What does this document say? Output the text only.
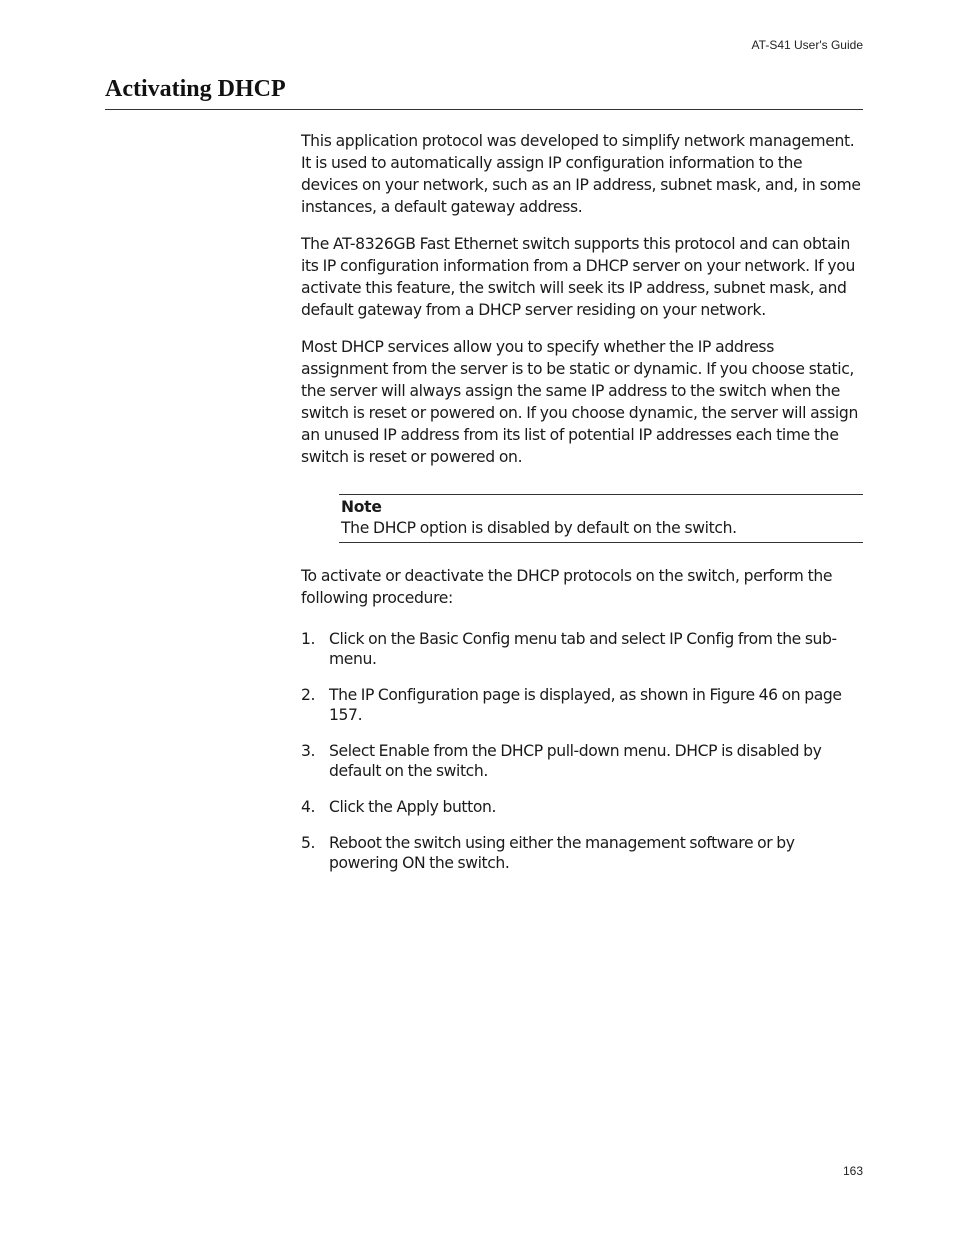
AT-S41 User's Guide
Activating DHCP

This application protocol was developed to simplify network management. It is used to automatically assign IP configuration information to the devices on your network, such as an IP address, subnet mask, and, in some instances, a default gateway address.

The AT-8326GB Fast Ethernet switch supports this protocol and can obtain its IP configuration information from a DHCP server on your network. If you activate this feature, the switch will seek its IP address, subnet mask, and default gateway from a DHCP server residing on your network.

Most DHCP services allow you to specify whether the IP address assignment from the server is to be static or dynamic. If you choose static, the server will always assign the same IP address to the switch when the switch is reset or powered on. If you choose dynamic, the server will assign an unused IP address from its list of potential IP addresses each time the switch is reset or powered on.

Note
The DHCP option is disabled by default on the switch.

To activate or deactivate the DHCP protocols on the switch, perform the following procedure:

1. Click on the Basic Config menu tab and select IP Config from the sub-menu.
2. The IP Configuration page is displayed, as shown in Figure 46 on page 157.
3. Select Enable from the DHCP pull-down menu. DHCP is disabled by default on the switch.
4. Click the Apply button.
5. Reboot the switch using either the management software or by powering ON the switch.
163
